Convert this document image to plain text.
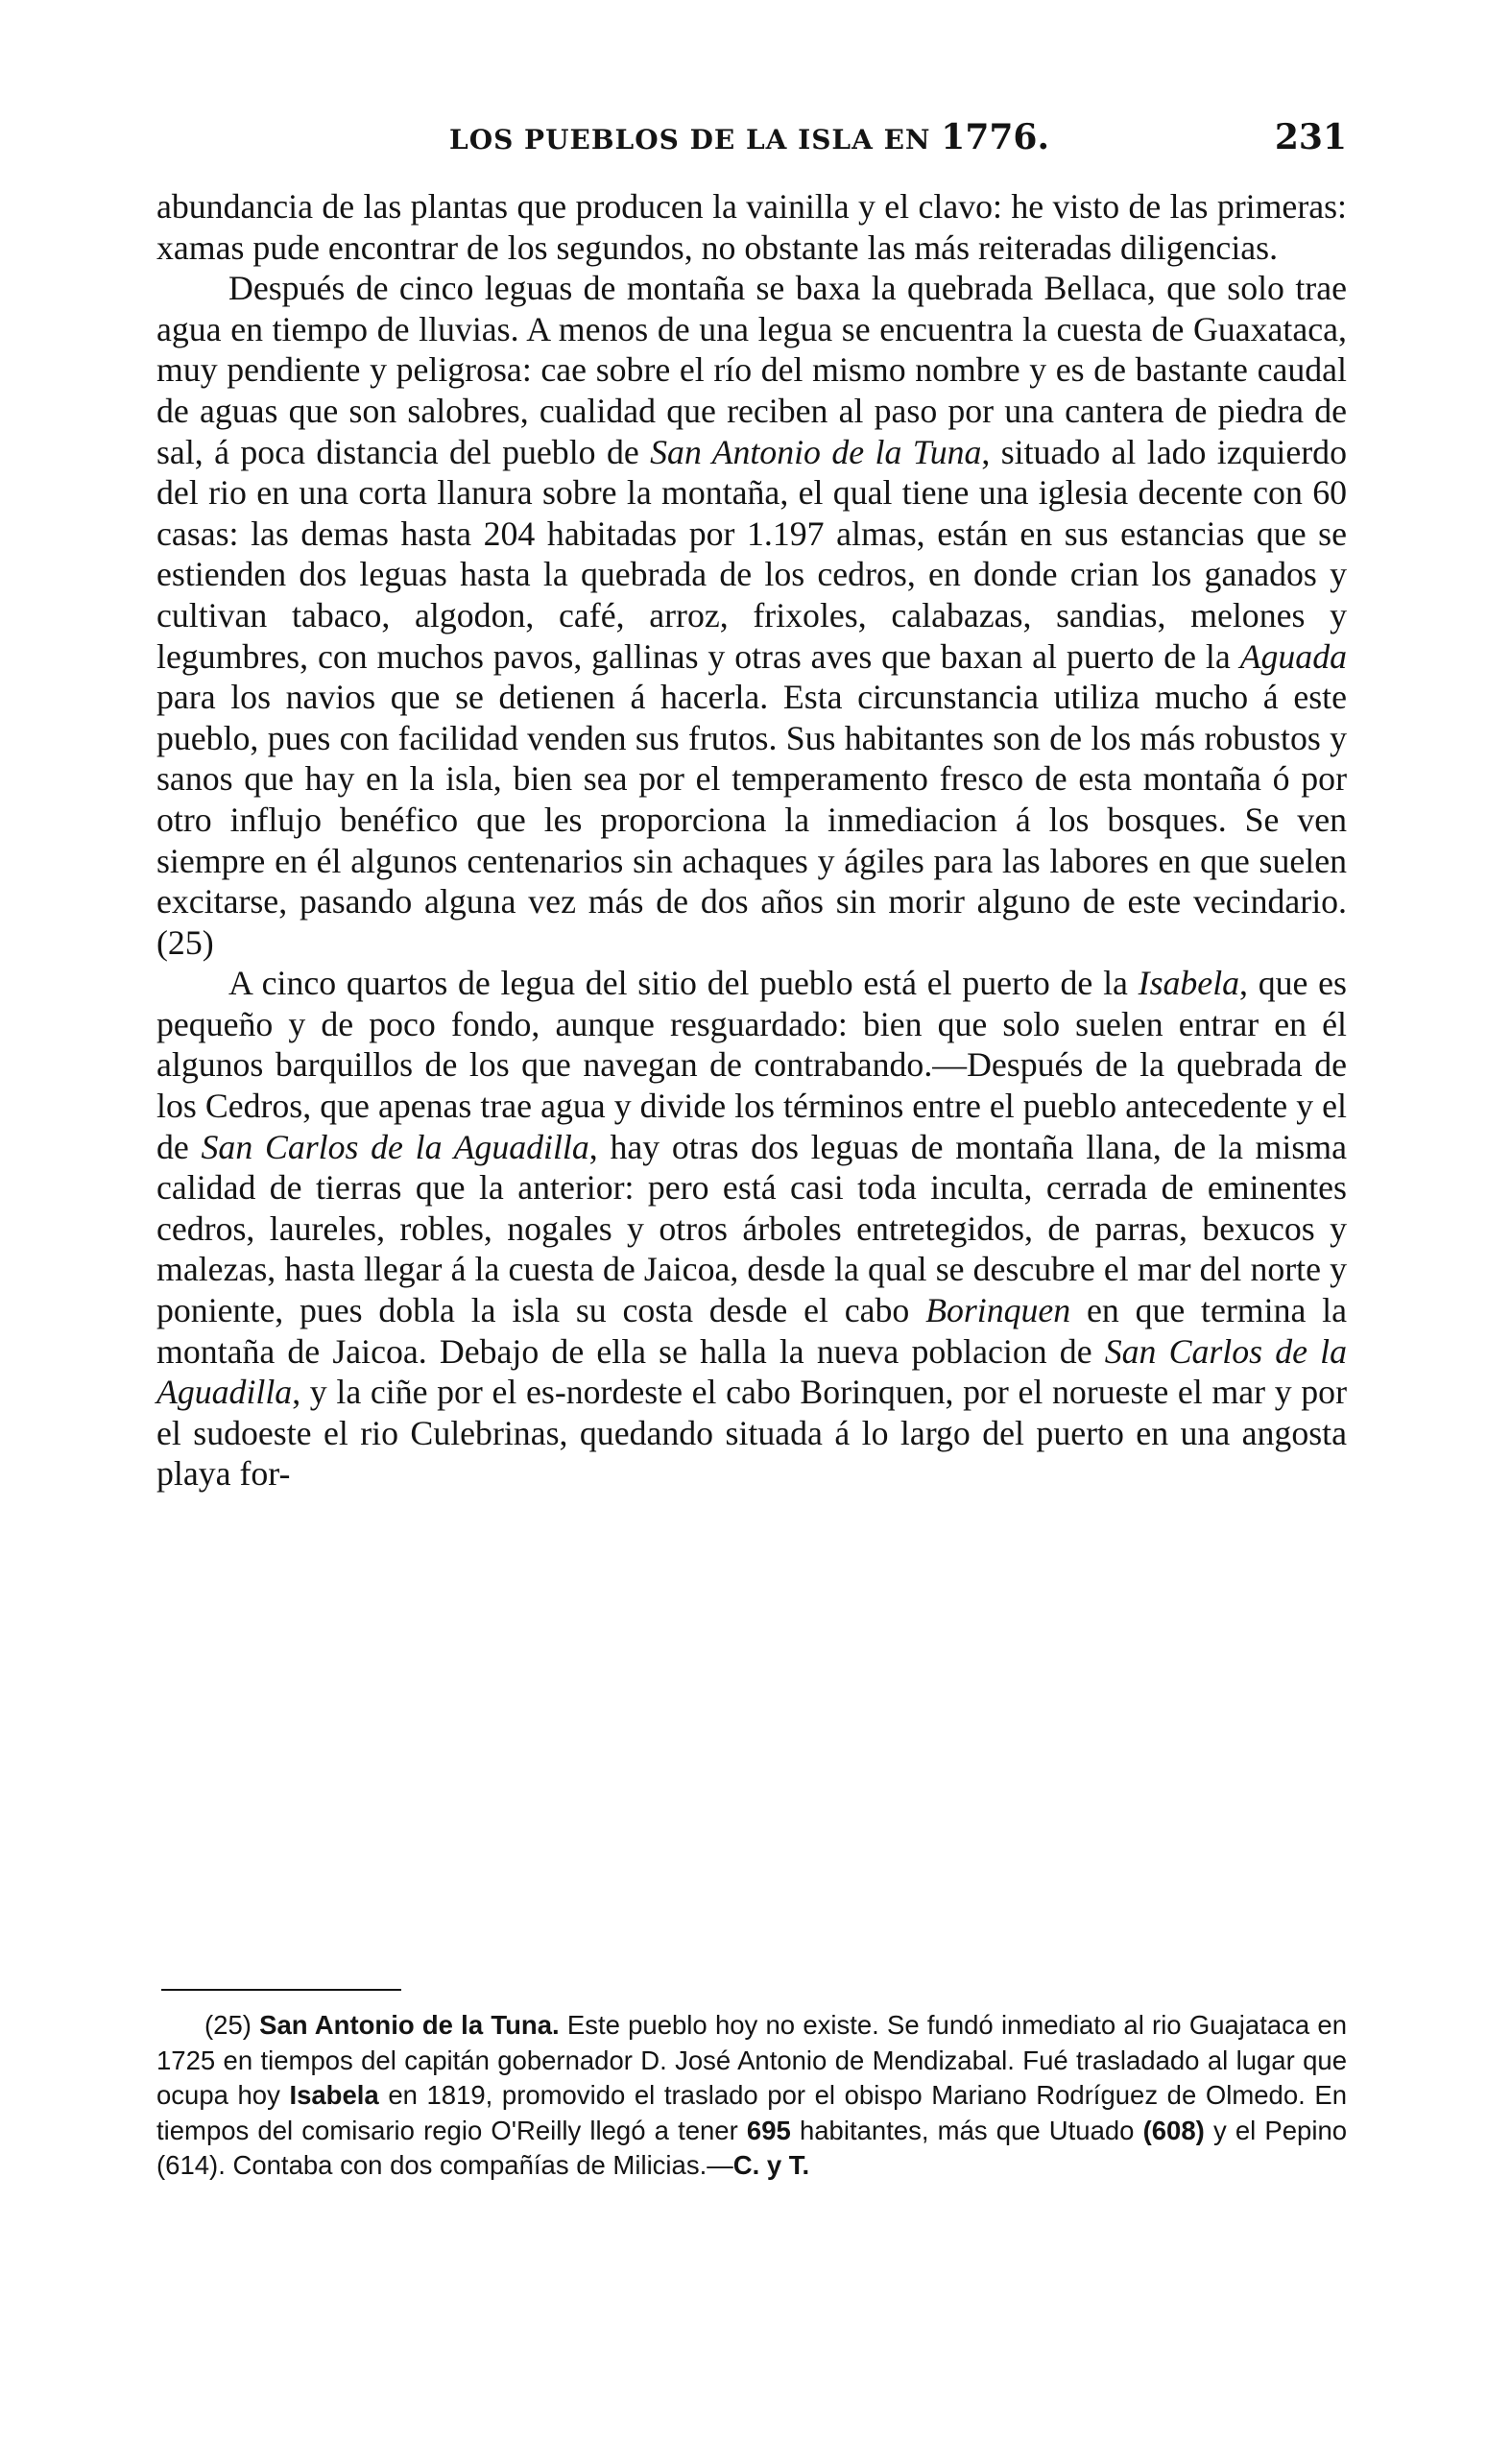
LOS PUEBLOS DE LA ISLA EN 1776.	231

abundancia de las plantas que producen la vainilla y el clavo: he visto de las primeras: xamas pude encontrar de los segundos, no obstante las más reiteradas diligencias.

Después de cinco leguas de montaña se baxa la quebrada Bellaca, que solo trae agua en tiempo de lluvias. A menos de una legua se encuentra la cuesta de Guaxataca, muy pendiente y peligrosa: cae sobre el río del mismo nombre y es de bastante caudal de aguas que son salobres, cualidad que reciben al paso por una cantera de piedra de sal, á poca distancia del pueblo de San Antonio de la Tuna, situado al lado izquierdo del rio en una corta llanura sobre la montaña, el qual tiene una iglesia decente con 60 casas: las demas hasta 204 habitadas por 1.197 almas, están en sus estancias que se estienden dos leguas hasta la quebrada de los cedros, en donde crian los ganados y cultivan tabaco, algodon, café, arroz, frixoles, calabazas, sandias, melones y legumbres, con muchos pavos, gallinas y otras aves que baxan al puerto de la Aguada para los navios que se detienen á hacerla. Esta circunstancia utiliza mucho á este pueblo, pues con facilidad venden sus frutos. Sus habitantes son de los más robustos y sanos que hay en la isla, bien sea por el temperamento fresco de esta montaña ó por otro influjo benéfico que les proporciona la inmediacion á los bosques. Se ven siempre en él algunos centenarios sin achaques y ágiles para las labores en que suelen excitarse, pasando alguna vez más de dos años sin morir alguno de este vecindario. (25)

A cinco quartos de legua del sitio del pueblo está el puerto de la Isabela, que es pequeño y de poco fondo, aunque resguardado: bien que solo suelen entrar en él algunos barquillos de los que navegan de contrabando.—Después de la quebrada de los Cedros, que apenas trae agua y divide los términos entre el pueblo antecedente y el de San Carlos de la Aguadilla, hay otras dos leguas de montaña llana, de la misma calidad de tierras que la anterior: pero está casi toda inculta, cerrada de eminentes cedros, laureles, robles, nogales y otros árboles entretegidos, de parras, bexucos y malezas, hasta llegar á la cuesta de Jaicoa, desde la qual se descubre el mar del norte y poniente, pues dobla la isla su costa desde el cabo Borinquen en que termina la montaña de Jaicoa. Debajo de ella se halla la nueva poblacion de San Carlos de la Aguadilla, y la ciñe por el es-nordeste el cabo Borinquen, por el norueste el mar y por el sudoeste el rio Culebrinas, quedando situada á lo largo del puerto en una angosta playa for-

(25) San Antonio de la Tuna. Este pueblo hoy no existe. Se fundó inmediato al rio Guajataca en 1725 en tiempos del capitán gobernador D. José Antonio de Mendizabal. Fué trasladado al lugar que ocupa hoy Isabela en 1819, promovido el traslado por el obispo Mariano Rodríguez de Olmedo. En tiempos del comisario regio O'Reilly llegó a tener 695 habitantes, más que Utuado (608) y el Pepino (614). Contaba con dos compañías de Milicias.—C. y T.
